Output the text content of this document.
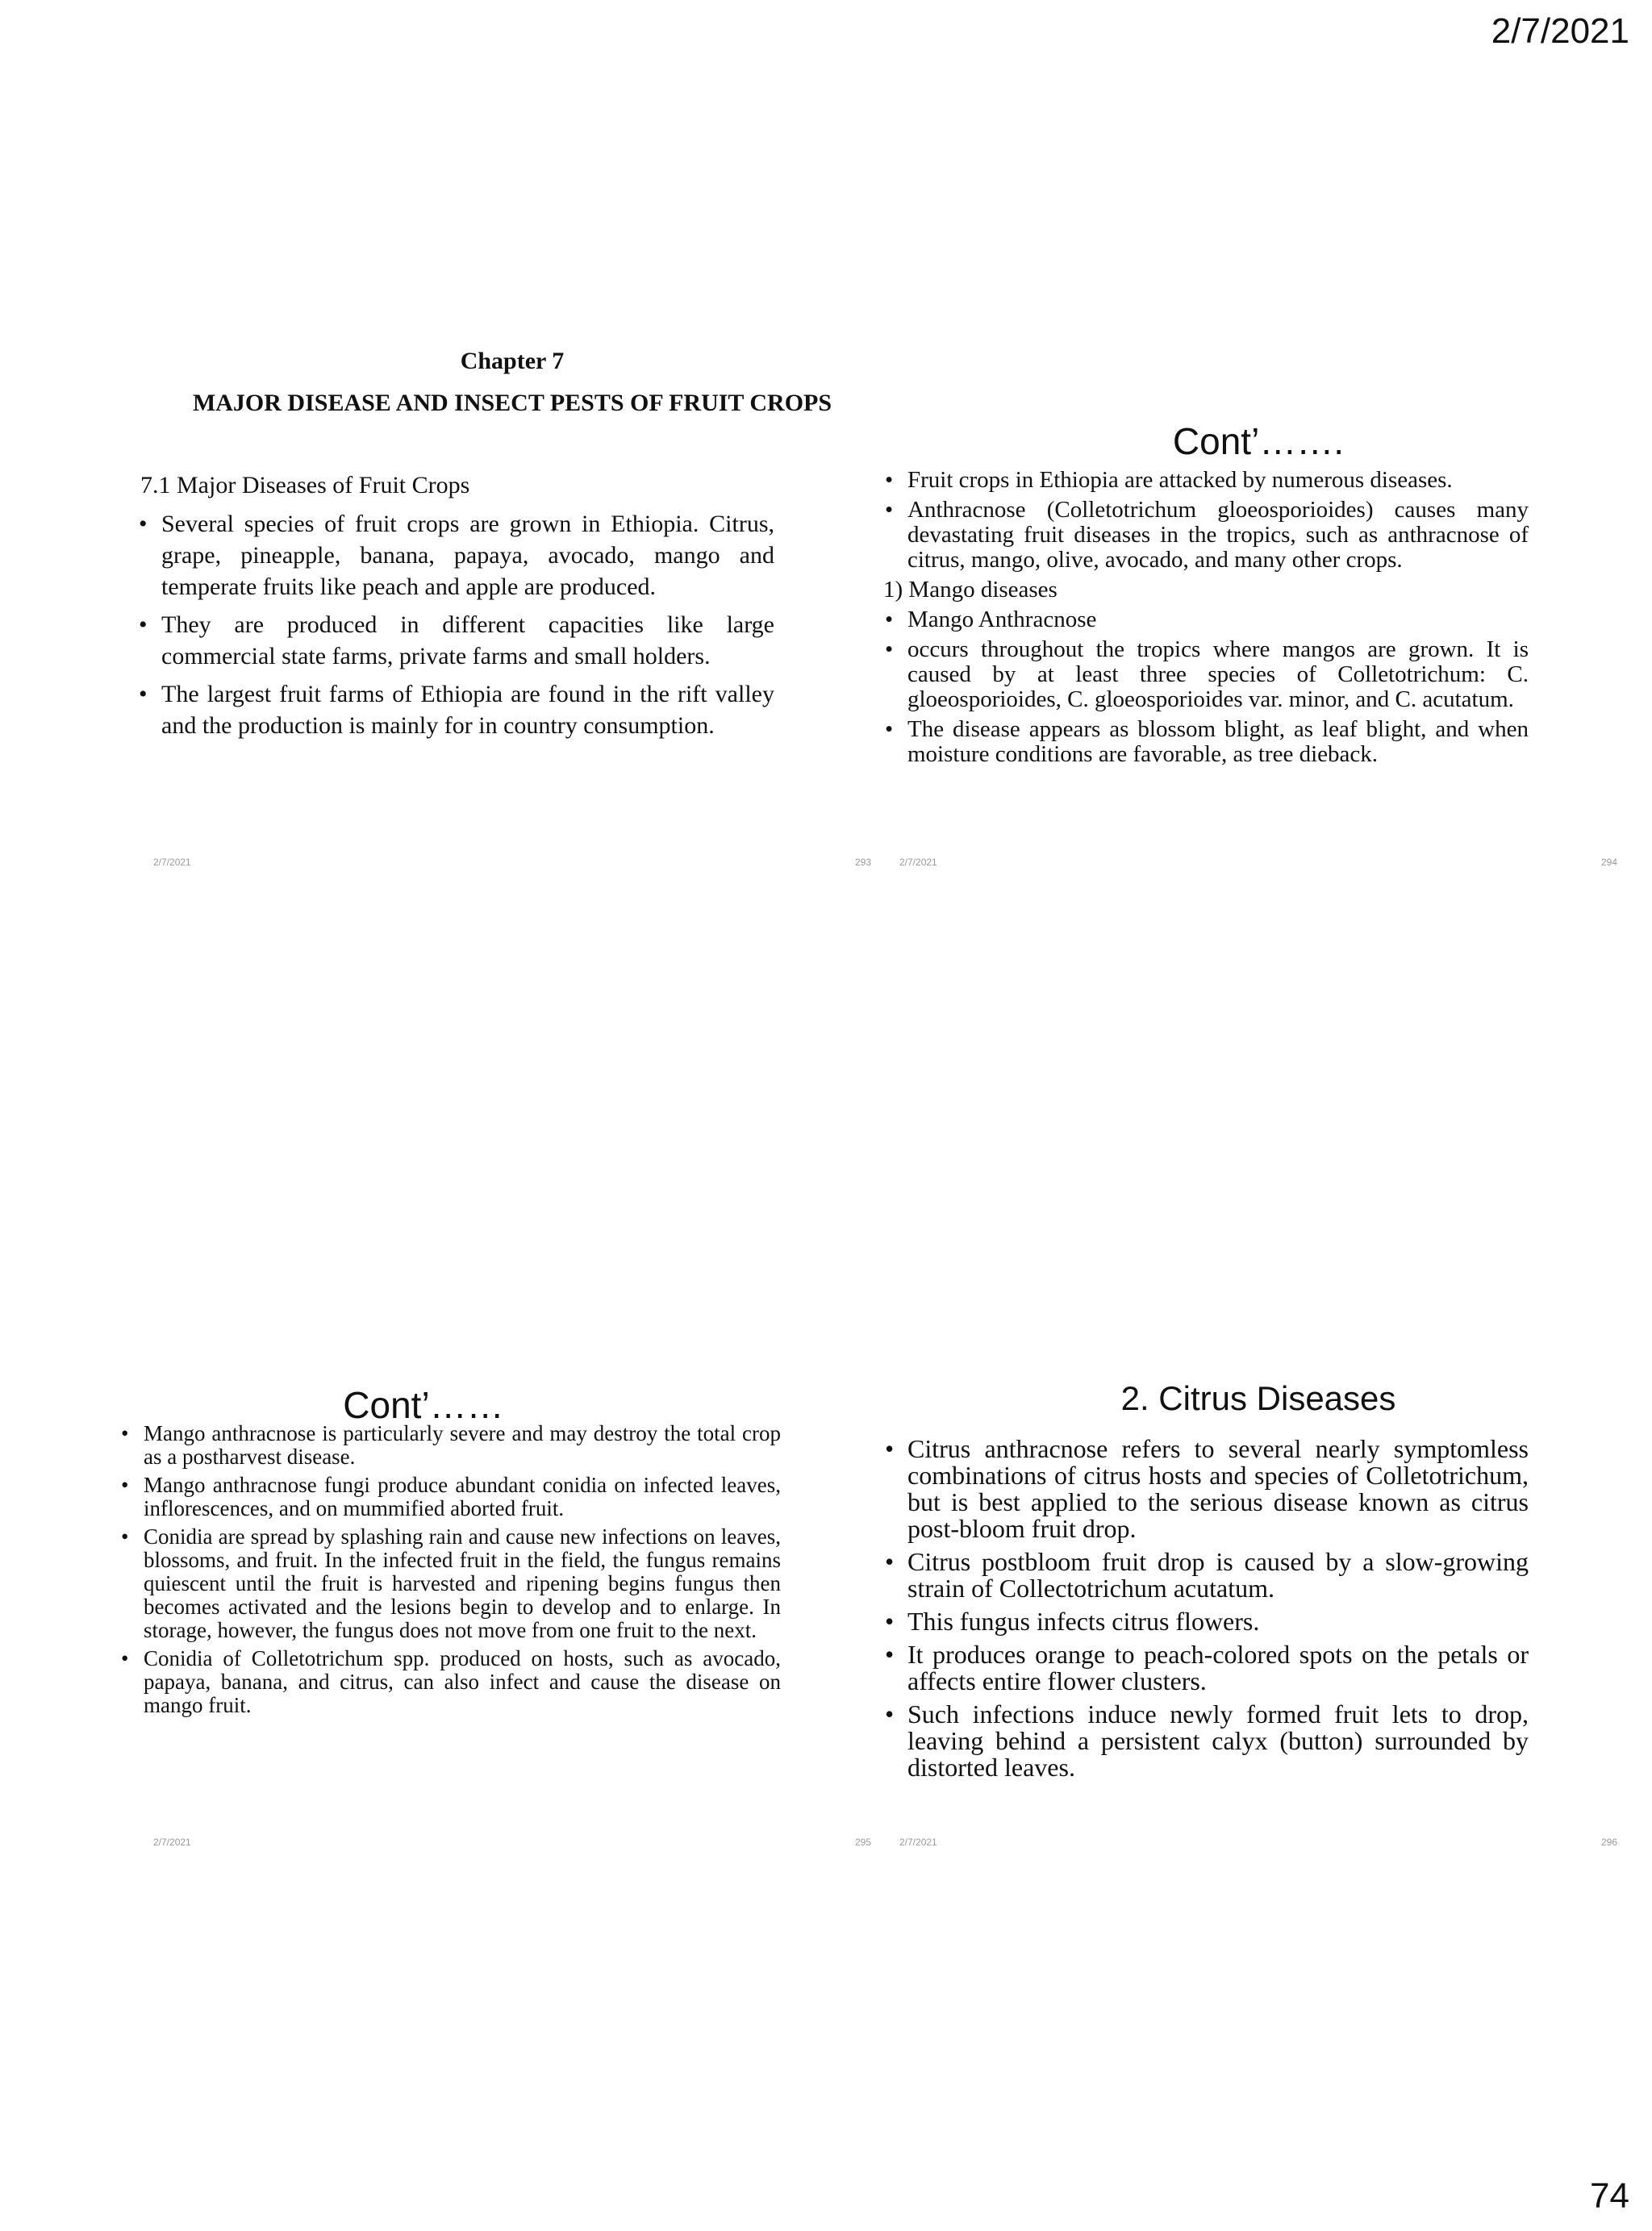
2/7/2021
Chapter 7
MAJOR DISEASE AND INSECT PESTS OF FRUIT CROPS
7.1 Major Diseases of Fruit Crops
• Several species of fruit crops are grown in Ethiopia. Citrus, grape, pineapple, banana, papaya, avocado, mango and temperate fruits like peach and apple are produced.
• They are produced in different capacities like large commercial state farms, private farms and small holders.
• The largest fruit farms of Ethiopia are found in the rift valley and the production is mainly for in country consumption.
2/7/2021	293
Cont’…….
• Fruit crops in Ethiopia are attacked by numerous diseases.
• Anthracnose (Colletotrichum gloeosporioides) causes many devastating fruit diseases in the tropics, such as anthracnose of citrus, mango, olive, avocado, and many other crops.
1) Mango diseases
• Mango Anthracnose
• occurs throughout the tropics where mangos are grown. It is caused by at least three species of Colletotrichum: C. gloeosporioides, C. gloeosporioides var. minor, and C. acutatum.
• The disease appears as blossom blight, as leaf blight, and when moisture conditions are favorable, as tree dieback.
2/7/2021	294
Cont’……
• Mango anthracnose is particularly severe and may destroy the total crop as a postharvest disease.
• Mango anthracnose fungi produce abundant conidia on infected leaves, inflorescences, and on mummified aborted fruit.
• Conidia are spread by splashing rain and cause new infections on leaves, blossoms, and fruit. In the infected fruit in the field, the fungus remains quiescent until the fruit is harvested and ripening begins fungus then becomes activated and the lesions begin to develop and to enlarge. In storage, however, the fungus does not move from one fruit to the next.
• Conidia of Colletotrichum spp. produced on hosts, such as avocado, papaya, banana, and citrus, can also infect and cause the disease on mango fruit.
2/7/2021	295
2. Citrus Diseases
• Citrus anthracnose refers to several nearly symptomless combinations of citrus hosts and species of Colletotrichum, but is best applied to the serious disease known as citrus post-bloom fruit drop.
• Citrus postbloom fruit drop is caused by a slow-growing strain of Collectotrichum acutatum.
• This fungus infects citrus flowers.
• It produces orange to peach-colored spots on the petals or affects entire flower clusters.
• Such infections induce newly formed fruit lets to drop, leaving behind a persistent calyx (button) surrounded by distorted leaves.
2/7/2021	296
74
